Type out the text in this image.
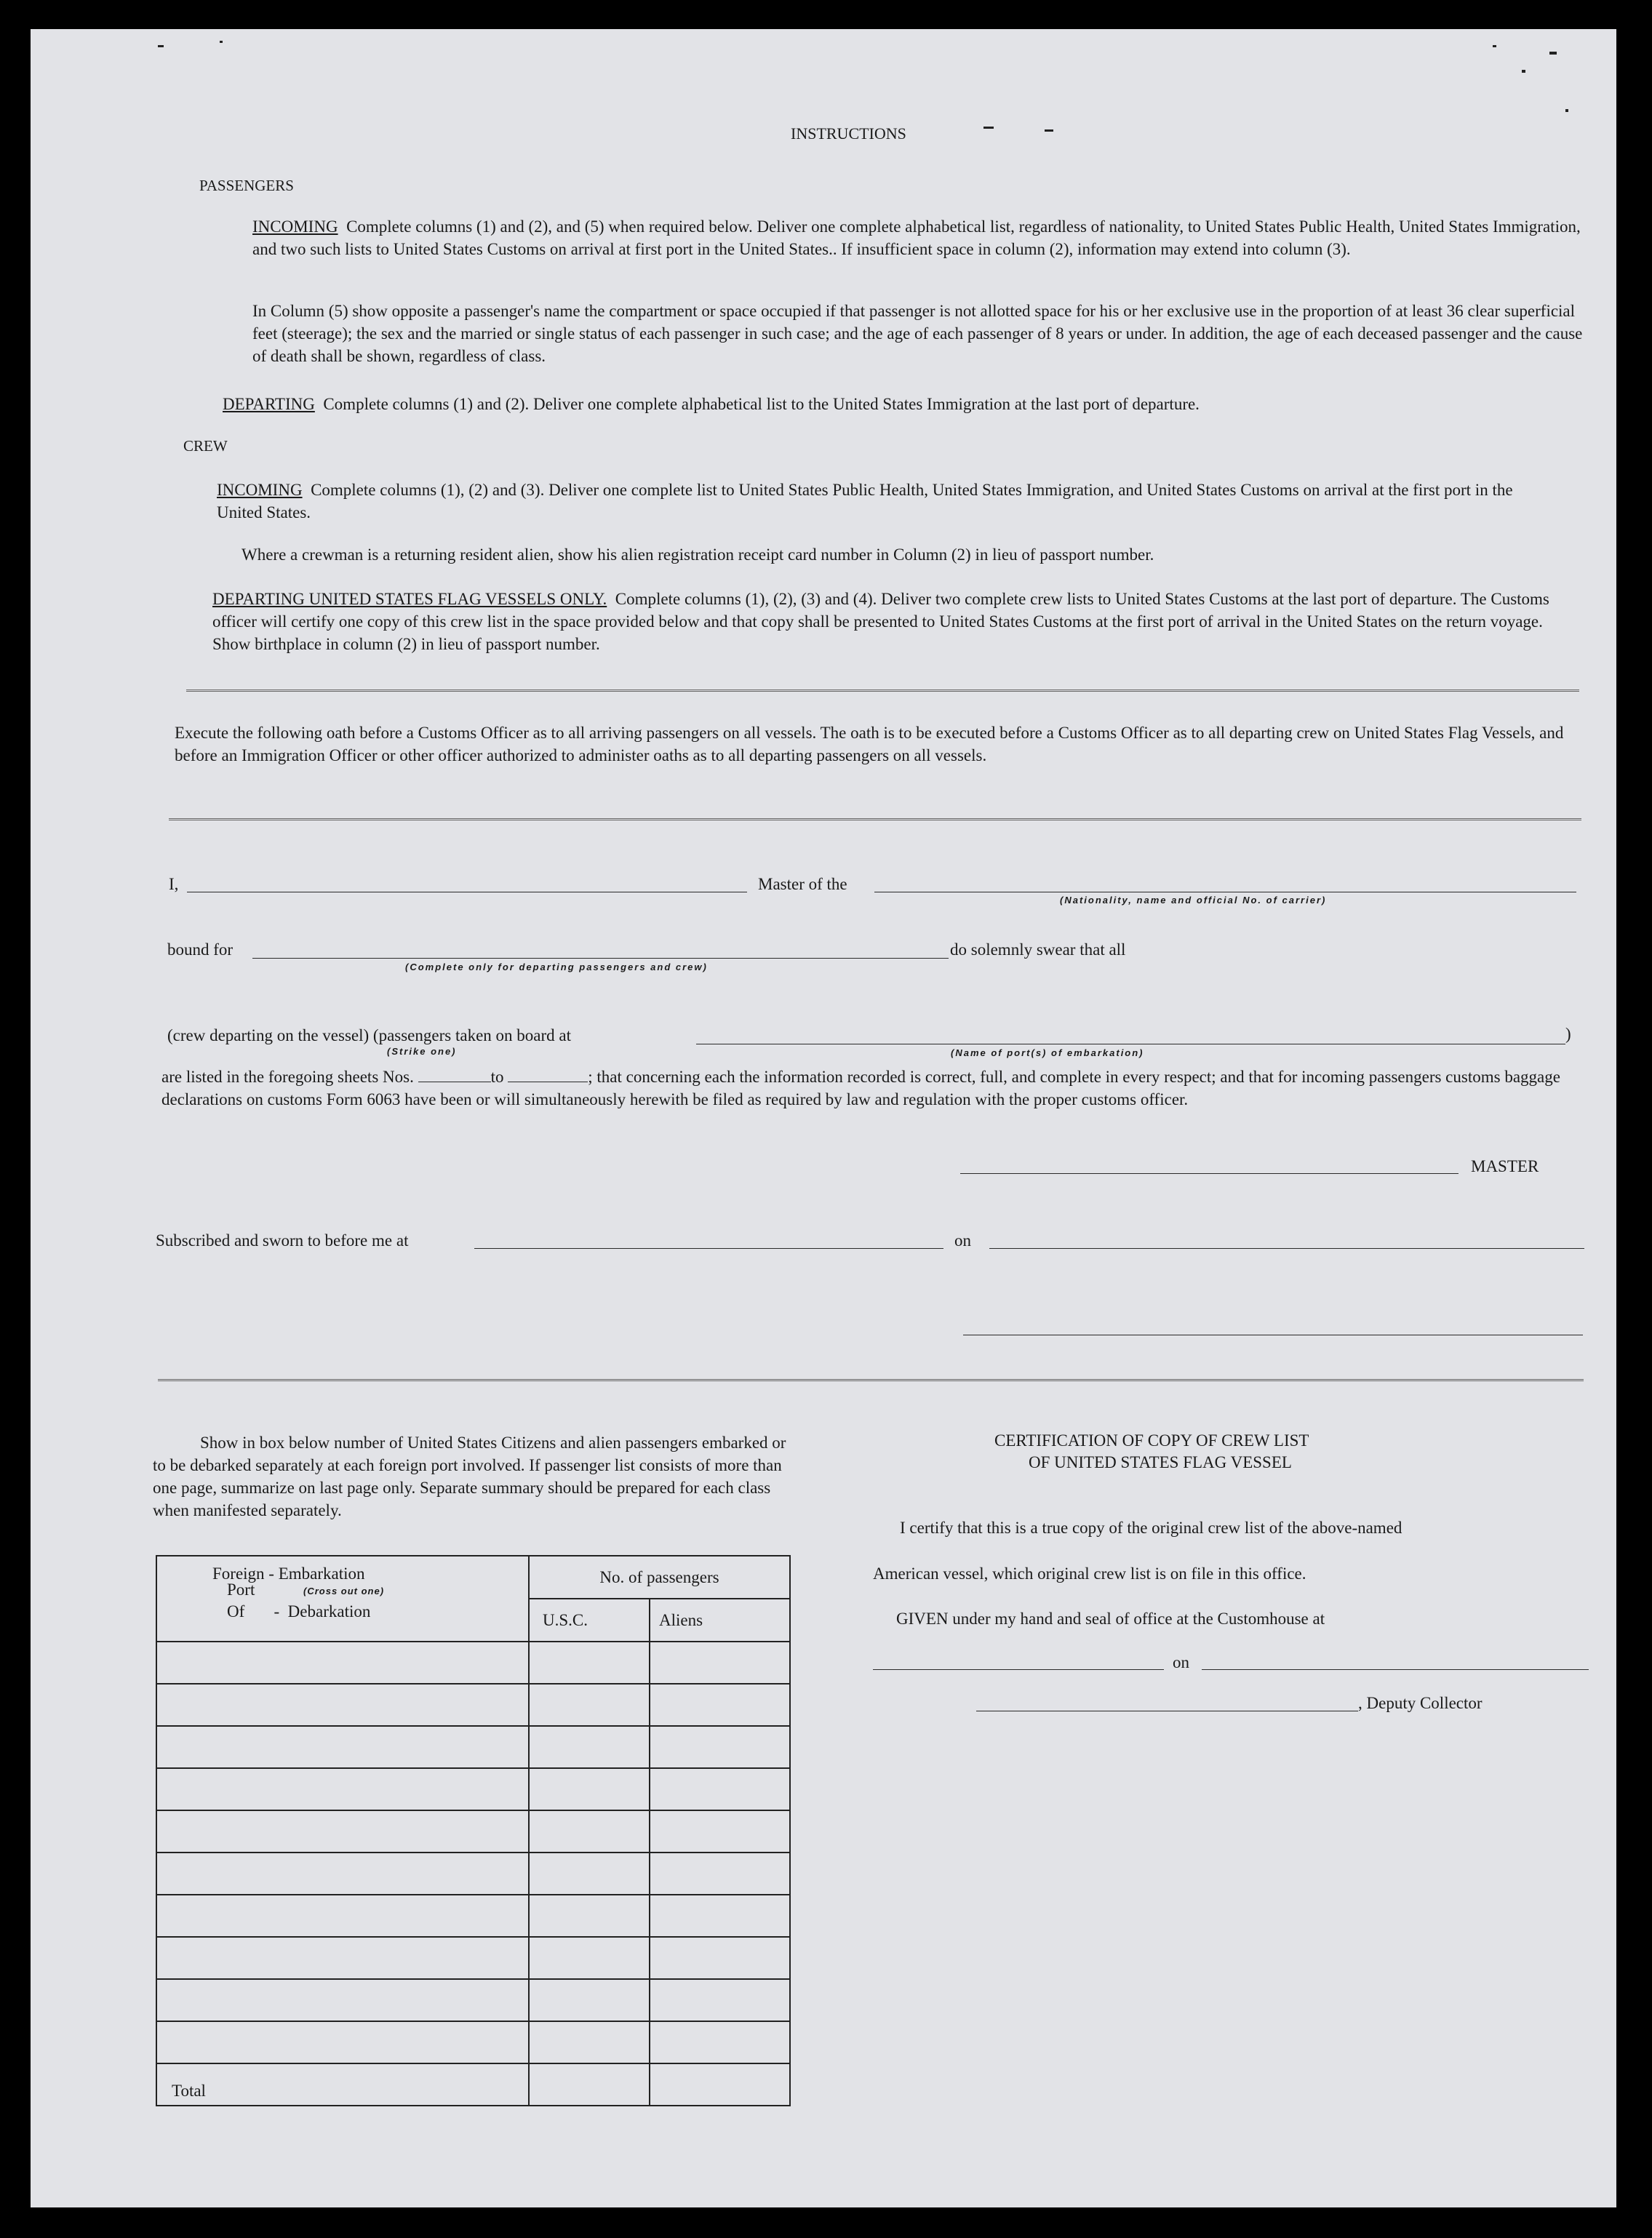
INSTRUCTIONS
PASSENGERS
INCOMING Complete columns (1) and (2), and (5) when required below. Deliver one complete alphabetical list, regardless of nationality, to United States Public Health, United States Immigration, and two such lists to United States Customs on arrival at first port in the United States.. If insufficient space in column (2), information may extend into column (3).
In Column (5) show opposite a passenger's name the compartment or space occupied if that passenger is not allotted space for his or her exclusive use in the proportion of at least 36 clear superficial feet (steerage); the sex and the married or single status of each passenger in such case; and the age of each passenger of 8 years or under. In addition, the age of each deceased passenger and the cause of death shall be shown, regardless of class.
DEPARTING Complete columns (1) and (2). Deliver one complete alphabetical list to the United States Immigration at the last port of departure.
CREW
INCOMING Complete columns (1), (2) and (3). Deliver one complete list to United States Public Health, United States Immigration, and United States Customs on arrival at the first port in the United States.
Where a crewman is a returning resident alien, show his alien registration receipt card number in Column (2) in lieu of passport number.
DEPARTING UNITED STATES FLAG VESSELS ONLY. Complete columns (1), (2), (3) and (4). Deliver two complete crew lists to United States Customs at the last port of departure. The Customs officer will certify one copy of this crew list in the space provided below and that copy shall be presented to United States Customs at the first port of arrival in the United States on the return voyage. Show birthplace in column (2) in lieu of passport number.
Execute the following oath before a Customs Officer as to all arriving passengers on all vessels. The oath is to be executed before a Customs Officer as to all departing crew on United States Flag Vessels, and before an Immigration Officer or other officer authorized to administer oaths as to all departing passengers on all vessels.
I,	Master of the
(Nationality, name and official No. of carrier)
bound for	do solemnly swear that all
(Complete only for departing passengers and crew)
(crew departing on the vessel) (passengers taken on board at	)
(Strike one)	(Name of port(s) of embarkation)
are listed in the foregoing sheets Nos.	to	; that concerning each the information recorded is correct, full, and complete in every respect; and that for incoming passengers customs baggage declarations on customs Form 6063 have been or will simultaneously herewith be filed as required by law and regulation with the proper customs officer.
MASTER
Subscribed and sworn to before me at	on
Show in box below number of United States Citizens and alien passengers embarked or to be debarked separately at each foreign port involved. If passenger list consists of more than one page, summarize on last page only. Separate summary should be prepared for each class when manifested separately.
Foreign - Embarkation
Port (Cross out one)
Of       -  Debarkation	No. of passengers	
	U.S.C.	Aliens

Total		
CERTIFICATION OF COPY OF CREW LIST
OF UNITED STATES FLAG VESSEL
I certify that this is a true copy of the original crew list of the above-named
American vessel, which original crew list is on file in this office.
GIVEN under my hand and seal of office at the Customhouse at
on
, Deputy Collector
